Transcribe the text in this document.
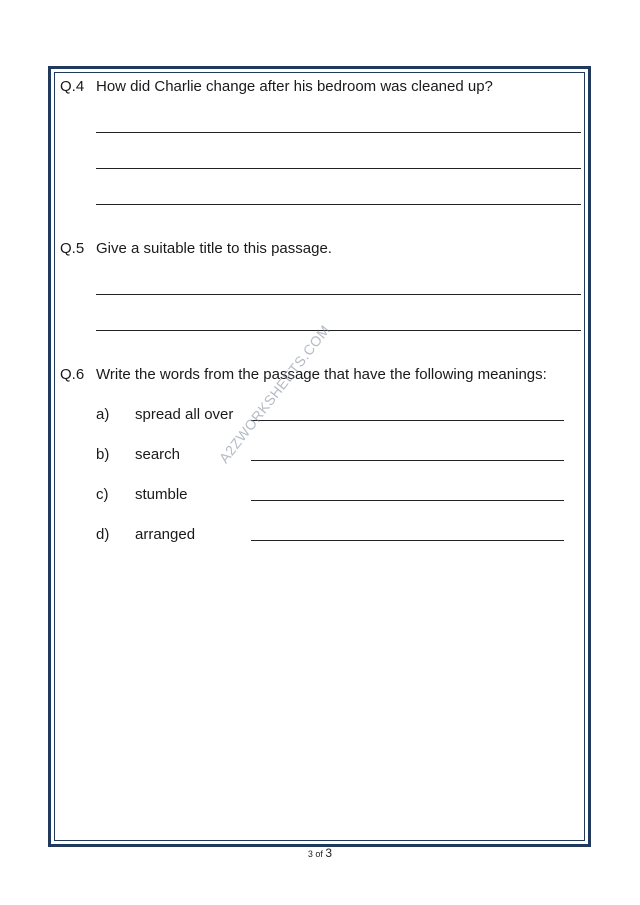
Q.4 How did Charlie change after his bedroom was cleaned up?
Q.5 Give a suitable title to this passage.
Q.6 Write the words from the passage that have the following meanings:
a) spread all over
b) search
c) stumble
d) arranged
A2ZWORKSHEETS.COM
3 of 3
